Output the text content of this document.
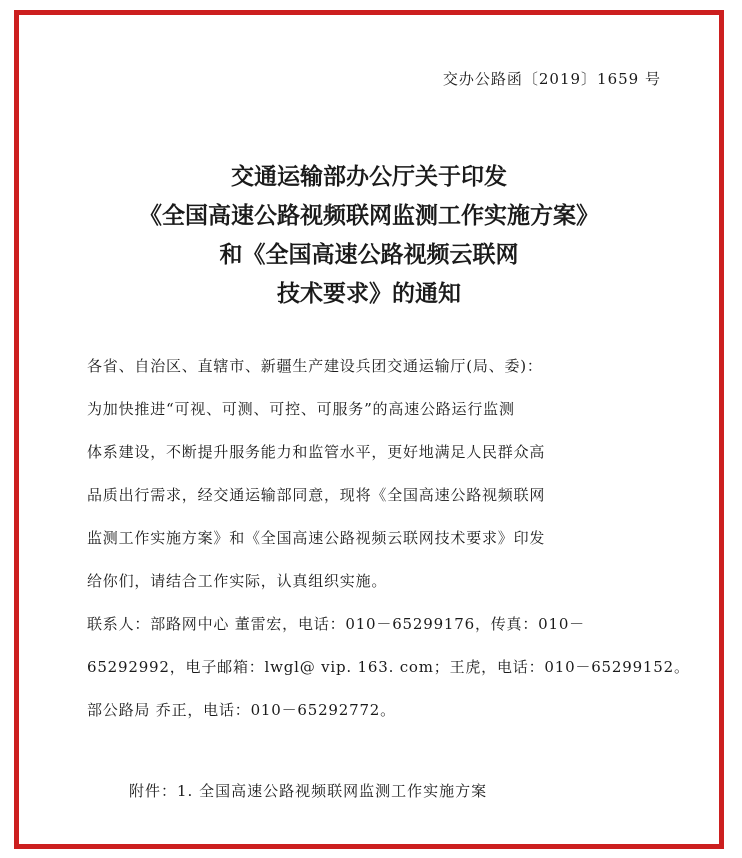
交办公路函〔2019〕1659 号
交通运输部办公厅关于印发
《全国高速公路视频联网监测工作实施方案》
和《全国高速公路视频云联网
技术要求》的通知
各省、自治区、直辖市、新疆生产建设兵团交通运输厅(局、委)：
为加快推进“可视、可测、可控、可服务”的高速公路运行监测
体系建设，不断提升服务能力和监管水平，更好地满足人民群众高
品质出行需求，经交通运输部同意，现将《全国高速公路视频联网
监测工作实施方案》和《全国高速公路视频云联网技术要求》印发
给你们，请结合工作实际，认真组织实施。
联系人：部路网中心 董雷宏，电话：010－65299176，传真：010－
65292992，电子邮箱：lwgl@ vip. 163. com；王虎，电话：010－65299152。
部公路局 乔正，电话：010－65292772。
附件：1. 全国高速公路视频联网监测工作实施方案
